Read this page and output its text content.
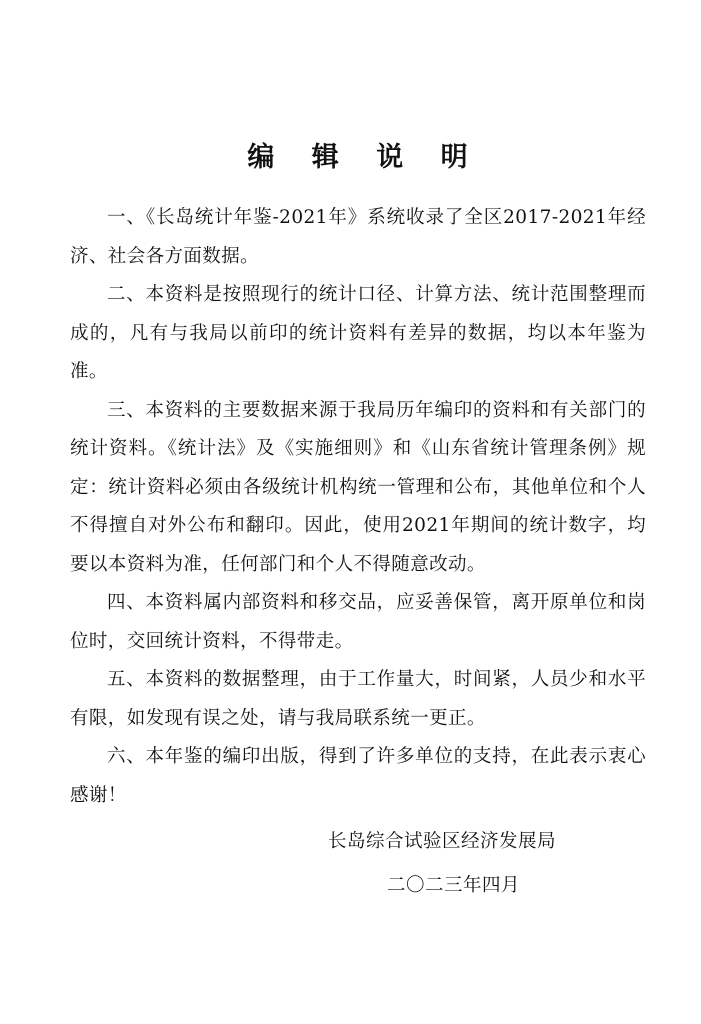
编 辑 说 明

一、《长岛统计年鉴-2021年》系统收录了全区2017-2021年经济、社会各方面数据。

二、本资料是按照现行的统计口径、计算方法、统计范围整理而成的，凡有与我局以前印的统计资料有差异的数据，均以本年鉴为准。

三、本资料的主要数据来源于我局历年编印的资料和有关部门的统计资料。《统计法》及《实施细则》和《山东省统计管理条例》规定：统计资料必须由各级统计机构统一管理和公布，其他单位和个人不得擅自对外公布和翻印。因此，使用2021年期间的统计数字，均要以本资料为准，任何部门和个人不得随意改动。

四、本资料属内部资料和移交品，应妥善保管，离开原单位和岗位时，交回统计资料，不得带走。

五、本资料的数据整理，由于工作量大，时间紧，人员少和水平有限，如发现有误之处，请与我局联系统一更正。

六、本年鉴的编印出版，得到了许多单位的支持，在此表示衷心感谢！

长岛综合试验区经济发展局
二〇二三年四月
